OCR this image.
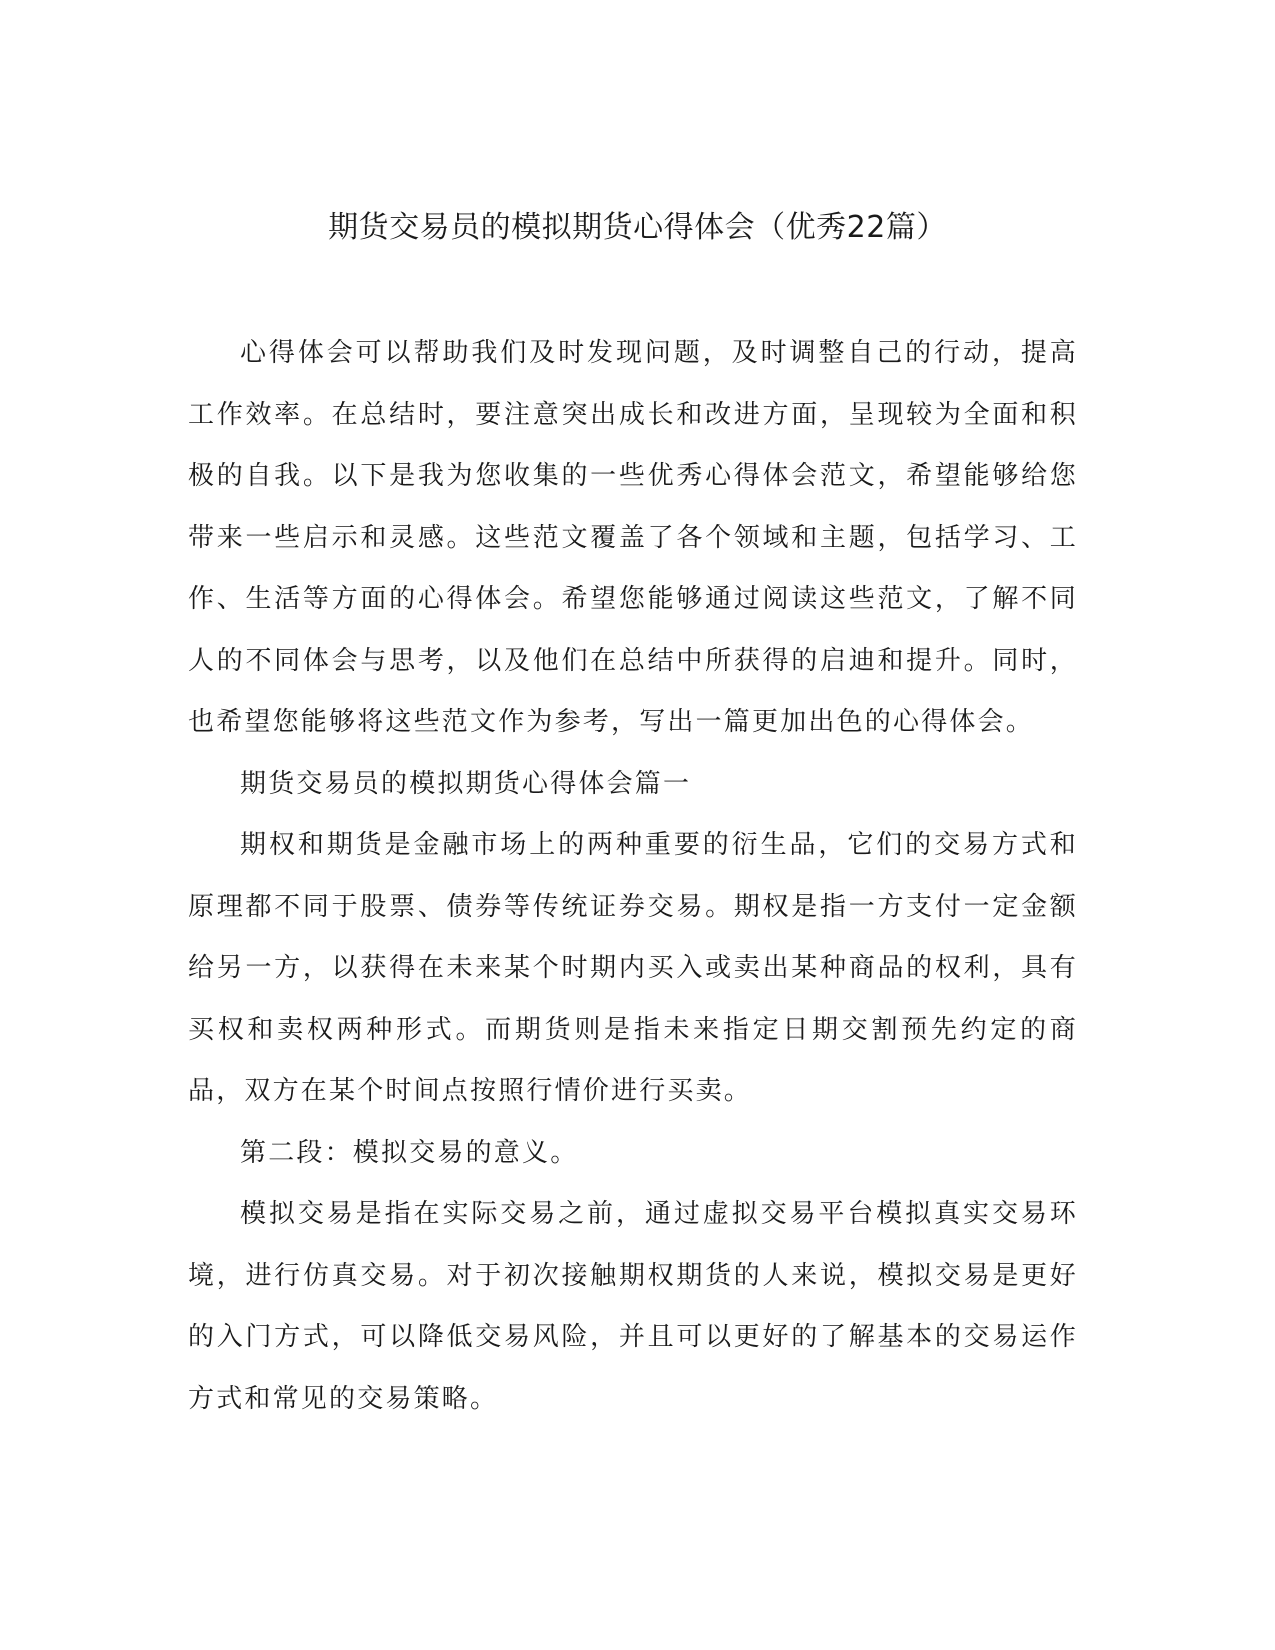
期货交易员的模拟期货心得体会（优秀22篇）

心得体会可以帮助我们及时发现问题，及时调整自己的行动，提高工作效率。在总结时，要注意突出成长和改进方面，呈现较为全面和积极的自我。以下是我为您收集的一些优秀心得体会范文，希望能够给您带来一些启示和灵感。这些范文覆盖了各个领域和主题，包括学习、工作、生活等方面的心得体会。希望您能够通过阅读这些范文，了解不同人的不同体会与思考，以及他们在总结中所获得的启迪和提升。同时，也希望您能够将这些范文作为参考，写出一篇更加出色的心得体会。

期货交易员的模拟期货心得体会篇一

期权和期货是金融市场上的两种重要的衍生品，它们的交易方式和原理都不同于股票、债券等传统证券交易。期权是指一方支付一定金额给另一方，以获得在未来某个时期内买入或卖出某种商品的权利，具有买权和卖权两种形式。而期货则是指未来指定日期交割预先约定的商品，双方在某个时间点按照行情价进行买卖。

第二段：模拟交易的意义。

模拟交易是指在实际交易之前，通过虚拟交易平台模拟真实交易环境，进行仿真交易。对于初次接触期权期货的人来说，模拟交易是更好的入门方式，可以降低交易风险，并且可以更好的了解基本的交易运作方式和常见的交易策略。
